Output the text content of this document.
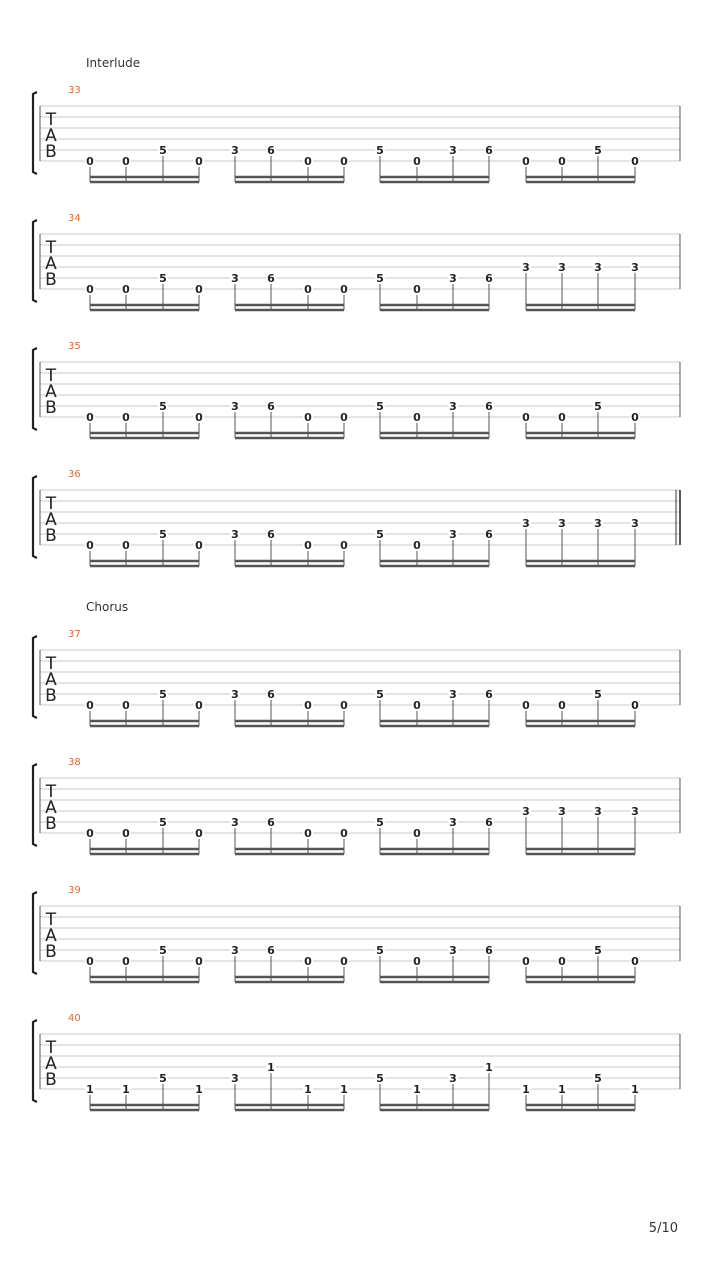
Interlude
33
T
A
B	0	0
5
0
3	6
0	0
5
0
3	6
0	0
5
0
34
T
A
B	0	0
5
0
3	6
0	0
5
0
3	6
3	3	3	3
35
T
A
B	0	0
5
0
3	6
0	0
5
0
3	6
0	0
5
0
36
T
A
B	0	0
5
0
3	6
0	0
5
0
3	6
3	3	3	3
Chorus
37
T
A
B	0	0
5
0
3	6
0	0
5
0
3	6
0	0
5
0
38
T
A
B	0	0
5
0
3	6
0	0
5
0
3	6
3	3	3	3
39
T
A
B	0	0
5
0
3	6
0	0
5
0
3	6
0	0
5
0
40
T
A
B	1	1
5
1
3
1
1	1
5
1
3
1
1	1
5
1
5/10
